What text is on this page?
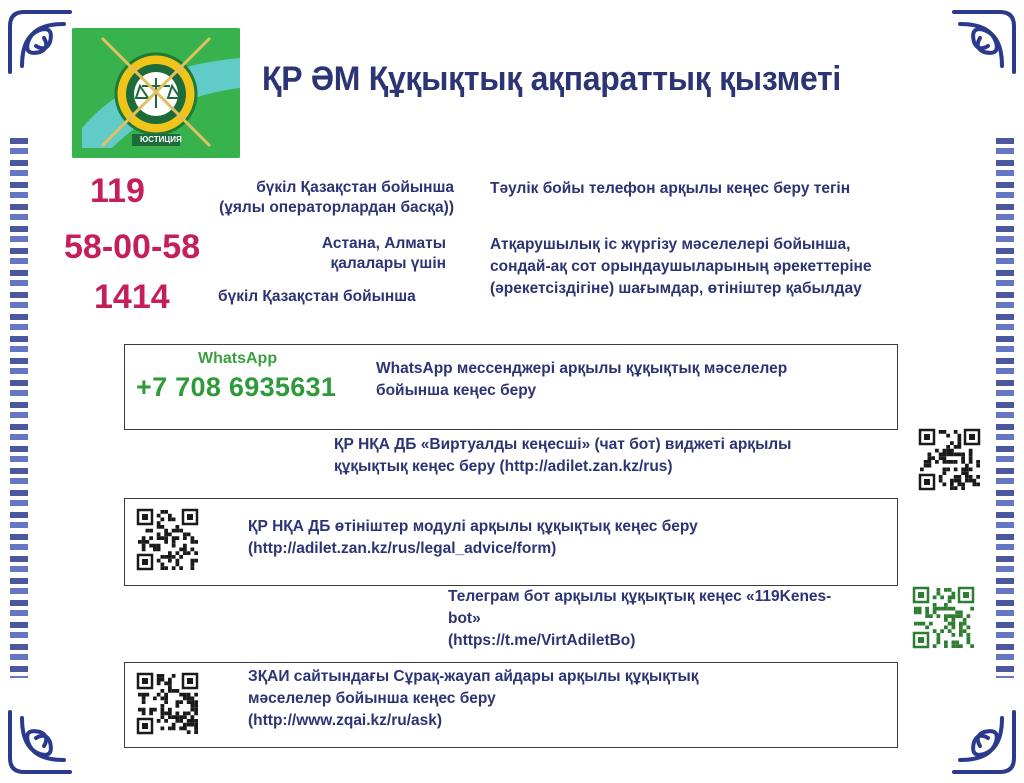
ЮСТИЦИЯ
ҚР ӘМ Құқықтық ақпараттық қызметі
119	бүкіл Қазақстан бойынша
(ұялы операторлардан басқа))
Тәулік бойы телефон арқылы кеңес беру тегін
58-00-58	Астана, Алматы
қалалары үшін
Атқарушылық іс жүргізу мәселелері бойынша,
сондай-ақ сот орындаушыларының әрекеттеріне
(әрекетсіздігіне) шағымдар, өтініштер қабылдау
1414	бүкіл Қазақстан бойынша
WhatsApp
+7 708 6935631
WhatsApp мессенджері арқылы құқықтық мәселелер
бойынша кеңес беру
ҚР НҚА ДБ «Виртуалды кеңесші» (чат бот) виджеті арқылы
құқықтық кеңес беру (http://adilet.zan.kz/rus)
ҚР НҚА ДБ өтініштер модулі арқылы құқықтық кеңес беру
(http://adilet.zan.kz/rus/legal_advice/form)
Телеграм бот арқылы құқықтық кеңес «119Kenes-
bot»
(https://t.me/VirtAdiletBo)
ЗҚАИ сайтындағы Сұрақ-жауап айдары арқылы құқықтық
мәселелер бойынша кеңес беру
(http://www.zqai.kz/ru/ask)
